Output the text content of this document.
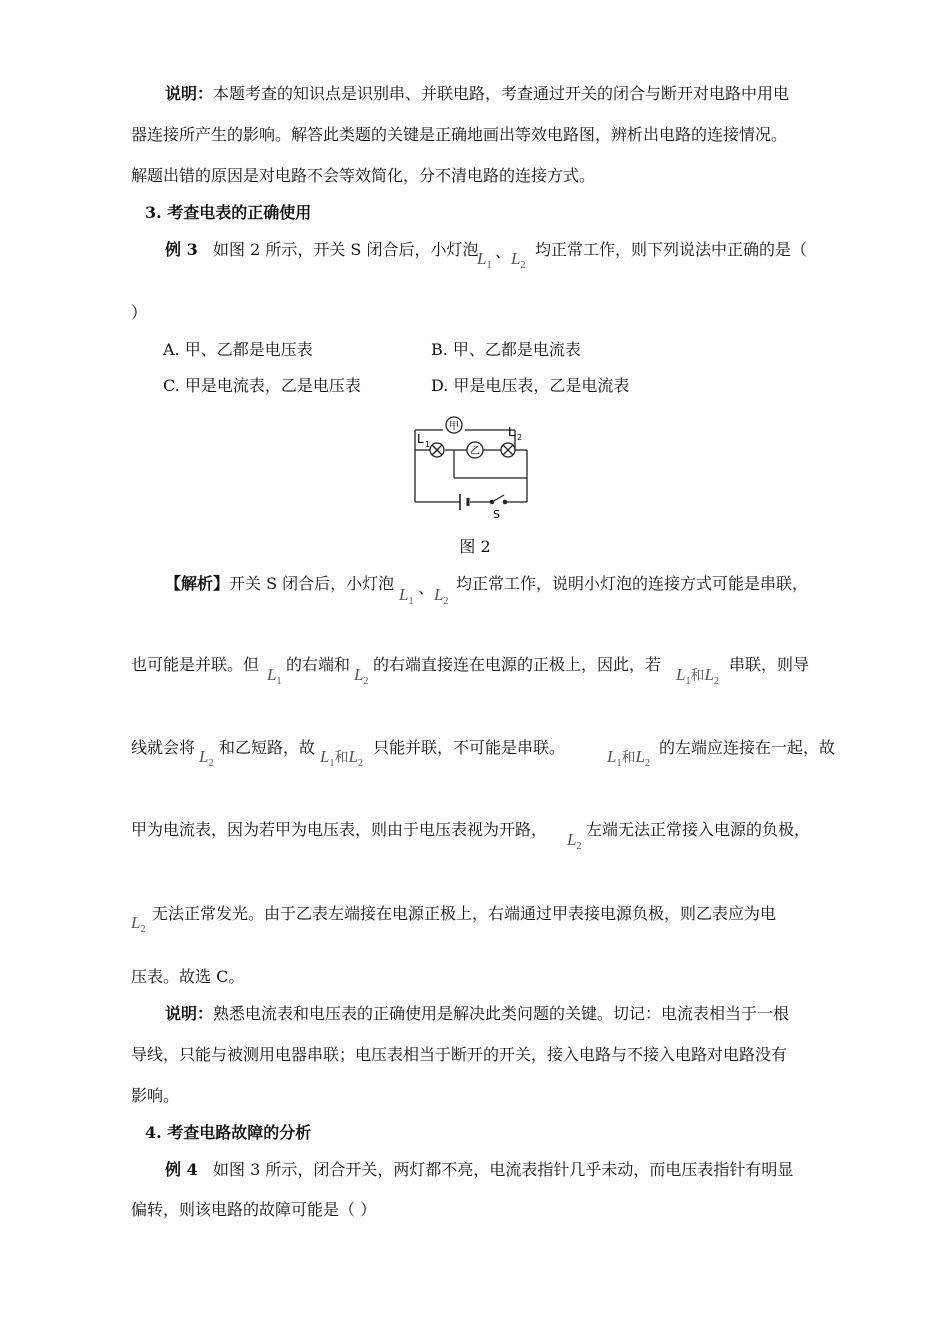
说明：本题考查的知识点是识别串、并联电路，考查通过开关的闭合与断开对电路中用电
器连接所产生的影响。解答此类题的关键是正确地画出等效电路图，辨析出电路的连接情况。
解题出错的原因是对电路不会等效简化，分不清电路的连接方式。
3. 考查电表的正确使用
例 3 如图 2 所示，开关 S 闭合后，小灯泡
$L_1$
、 $L_2$
均正常工作，则下列说法中正确的是（
）
A. 甲、乙都是电压表	B. 甲、乙都是电流表
C. 甲是电流表，乙是电压表	D. 甲是电压表，乙是电流表
甲
乙
L 1
L 2
S
图 2
【解析】开关 S 闭合后，小灯泡
$L_1$
、 $L_2$
均正常工作，说明小灯泡的连接方式可能是串联，
也可能是并联。但
$L_1$
的右端和
$L_2$
的右端直接连在电源的正极上，因此，若
$L_1$和$L_2$
串联，则导
线就会将 $L_2$
和乙短路，故 $L_1$和$L_2$
只能并联，不可能是串联。 $L_1$和$L_2$
的左端应连接在一起，故
甲为电流表，因为若甲为电压表，则由于电压表视为开路，
$L_2$
左端无法正常接入电源的负极，
$L_2$
无法正常发光。由于乙表左端接在电源正极上，右端通过甲表接电源负极，则乙表应为电
压表。故选 C。
说明：熟悉电流表和电压表的正确使用是解决此类问题的关键。切记：电流表相当于一根
导线，只能与被测用电器串联；电压表相当于断开的开关，接入电路与不接入电路对电路没有
影响。
4. 考查电路故障的分析
例 4 如图 3 所示，闭合开关，两灯都不亮，电流表指针几乎未动，而电压表指针有明显
偏转，则该电路的故障可能是（ ）
